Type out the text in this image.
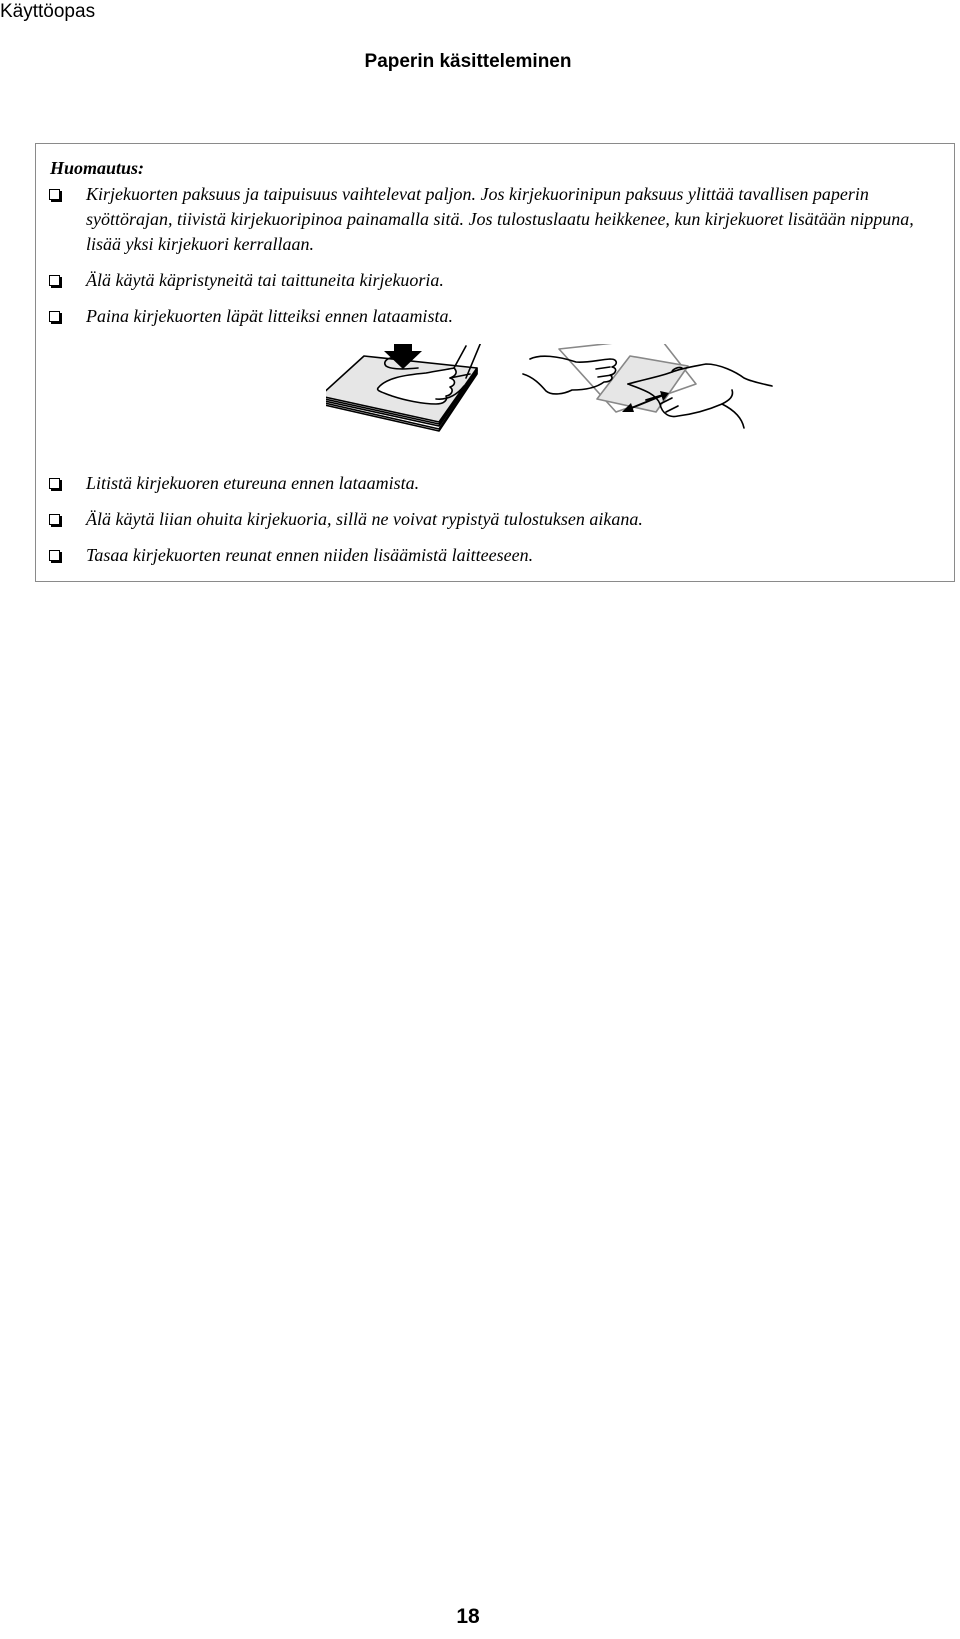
Käyttöopas
Paperin käsitteleminen
Huomautus:
Kirjekuorten paksuus ja taipuisuus vaihtelevat paljon. Jos kirjekuorinipun paksuus ylittää tavallisen paperin syöttörajan, tiivistä kirjekuoripinoa painamalla sitä. Jos tulostuslaatu heikkenee, kun kirjekuoret lisätään nippuna, lisää yksi kirjekuori kerrallaan.
Älä käytä käpristyneitä tai taittuneita kirjekuoria.
Paina kirjekuorten läpät litteiksi ennen lataamista.
Litistä kirjekuoren etureuna ennen lataamista.
Älä käytä liian ohuita kirjekuoria, sillä ne voivat rypistyä tulostuksen aikana.
Tasaa kirjekuorten reunat ennen niiden lisäämistä laitteeseen.
18
